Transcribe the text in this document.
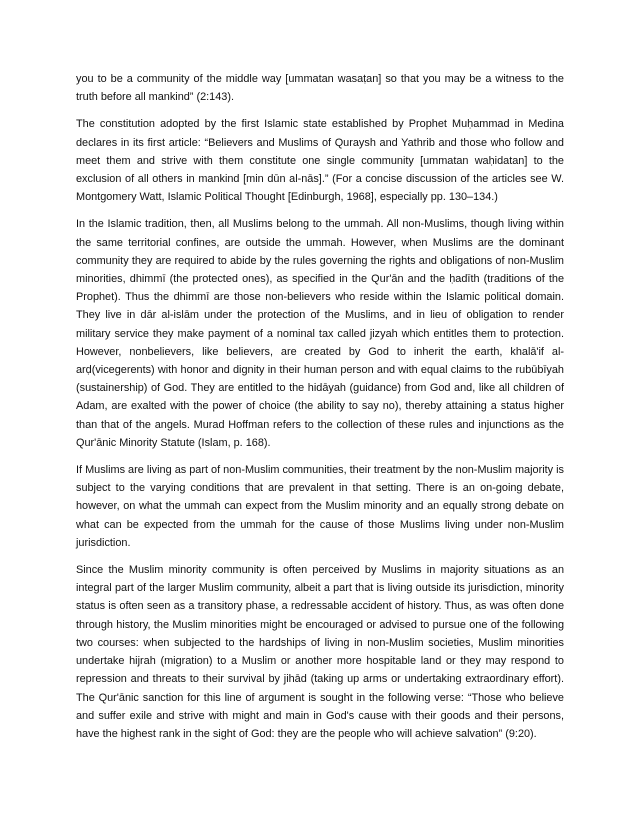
you to be a community of the middle way [ummatan wasaṭan] so that you may be a witness to the truth before all mankind” (2:143).

The constitution adopted by the first Islamic state established by Prophet Muḥammad in Medina declares in its first article: “Believers and Muslims of Quraysh and Yathrib and those who follow and meet them and strive with them constitute one single community [ummatan waḥidatan] to the exclusion of all others in mankind [min dūn al-nās].” (For a concise discussion of the articles see W. Montgomery Watt, Islamic Political Thought [Edinburgh, 1968], especially pp. 130–134.)

In the Islamic tradition, then, all Muslims belong to the ummah. All non-Muslims, though living within the same territorial confines, are outside the ummah. However, when Muslims are the dominant community they are required to abide by the rules governing the rights and obligations of non-Muslim minorities, dhimmī (the protected ones), as specified in the Qur'ān and the ḥadīth (traditions of the Prophet). Thus the dhimmī are those non-believers who reside within the Islamic political domain. They live in dār al-islām under the protection of the Muslims, and in lieu of obligation to render military service they make payment of a nominal tax called jizyah which entitles them to protection. However, nonbelievers, like believers, are created by God to inherit the earth, khalā'if al-arḍ(vicegerents) with honor and dignity in their human person and with equal claims to the rubūbīyah (sustainership) of God. They are entitled to the hidāyah (guidance) from God and, like all children of Adam, are exalted with the power of choice (the ability to say no), thereby attaining a status higher than that of the angels. Murad Hoffman refers to the collection of these rules and injunctions as the Qur'ānic Minority Statute (Islam, p. 168).

If Muslims are living as part of non-Muslim communities, their treatment by the non-Muslim majority is subject to the varying conditions that are prevalent in that setting. There is an on-going debate, however, on what the ummah can expect from the Muslim minority and an equally strong debate on what can be expected from the ummah for the cause of those Muslims living under non-Muslim jurisdiction.

Since the Muslim minority community is often perceived by Muslims in majority situations as an integral part of the larger Muslim community, albeit a part that is living outside its jurisdiction, minority status is often seen as a transitory phase, a redressable accident of history. Thus, as was often done through history, the Muslim minorities might be encouraged or advised to pursue one of the following two courses: when subjected to the hardships of living in non-Muslim societies, Muslim minorities undertake hijrah (migration) to a Muslim or another more hospitable land or they may respond to repression and threats to their survival by jihād (taking up arms or undertaking extraordinary effort). The Qur'ānic sanction for this line of argument is sought in the following verse: “Those who believe and suffer exile and strive with might and main in God's cause with their goods and their persons, have the highest rank in the sight of God: they are the people who will achieve salvation” (9:20).
